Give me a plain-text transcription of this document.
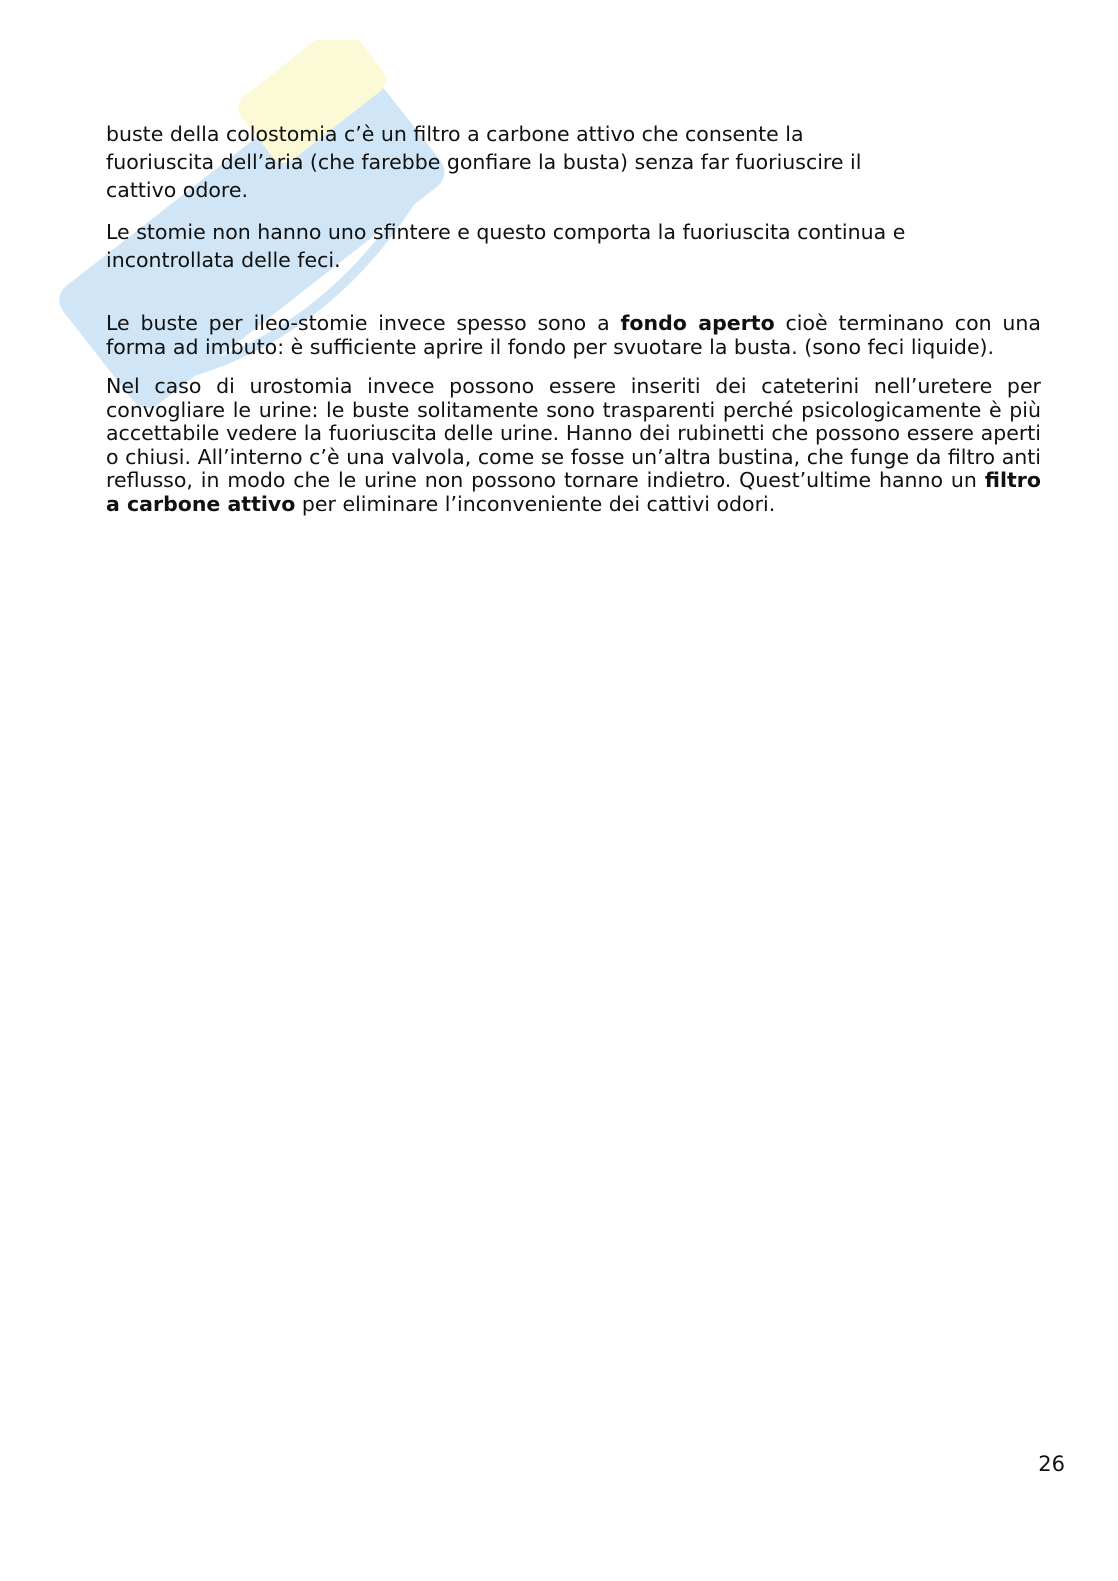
buste della colostomia c’è un filtro a carbone attivo che consente la
fuoriuscita dell’aria (che farebbe gonfiare la busta) senza far fuoriuscire il
cattivo odore.

Le stomie non hanno uno sfintere e questo comporta la fuoriuscita continua e
incontrollata delle feci.

Le buste per ileo-stomie invece spesso sono a fondo aperto cioè terminano con una forma ad imbuto: è sufficiente aprire il fondo per svuotare la busta. (sono feci liquide).

Nel caso di urostomia invece possono essere inseriti dei cateterini nell’uretere per convogliare le urine: le buste solitamente sono trasparenti perché psicologicamente è più accettabile vedere la fuoriuscita delle urine. Hanno dei rubinetti che possono essere aperti o chiusi. All’interno c’è una valvola, come se fosse un’altra bustina, che funge da filtro anti reflusso, in modo che le urine non possono tornare indietro. Quest’ultime hanno un filtro a carbone attivo per eliminare l’inconveniente dei cattivi odori.

26
